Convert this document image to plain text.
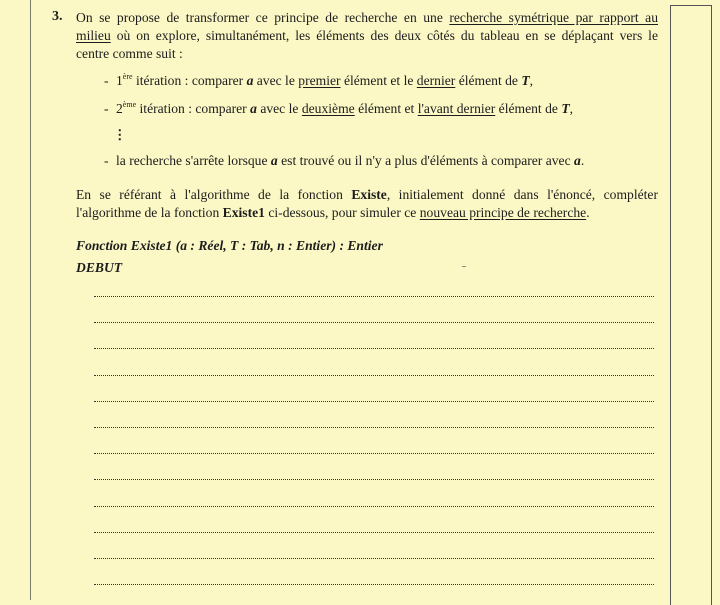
3. On se propose de transformer ce principe de recherche en une recherche symétrique par rapport au
milieu où on explore, simultanément, les éléments des deux côtés du tableau en se déplaçant vers le
centre comme suit :
- 1ère itération : comparer a avec le premier élément et le dernier élément de T,
- 2ème itération : comparer a avec le deuxième élément et l'avant dernier élément de T,
⋮
- la recherche s'arrête lorsque a est trouvé ou il n'y a plus d'éléments à comparer avec a.
En se référant à l'algorithme de la fonction Existe, initialement donné dans l'énoncé, compléter
l'algorithme de la fonction Existe1 ci-dessous, pour simuler ce nouveau principe de recherche.
Fonction Existe1 (a : Réel, T : Tab, n : Entier) : Entier
DEBUT
